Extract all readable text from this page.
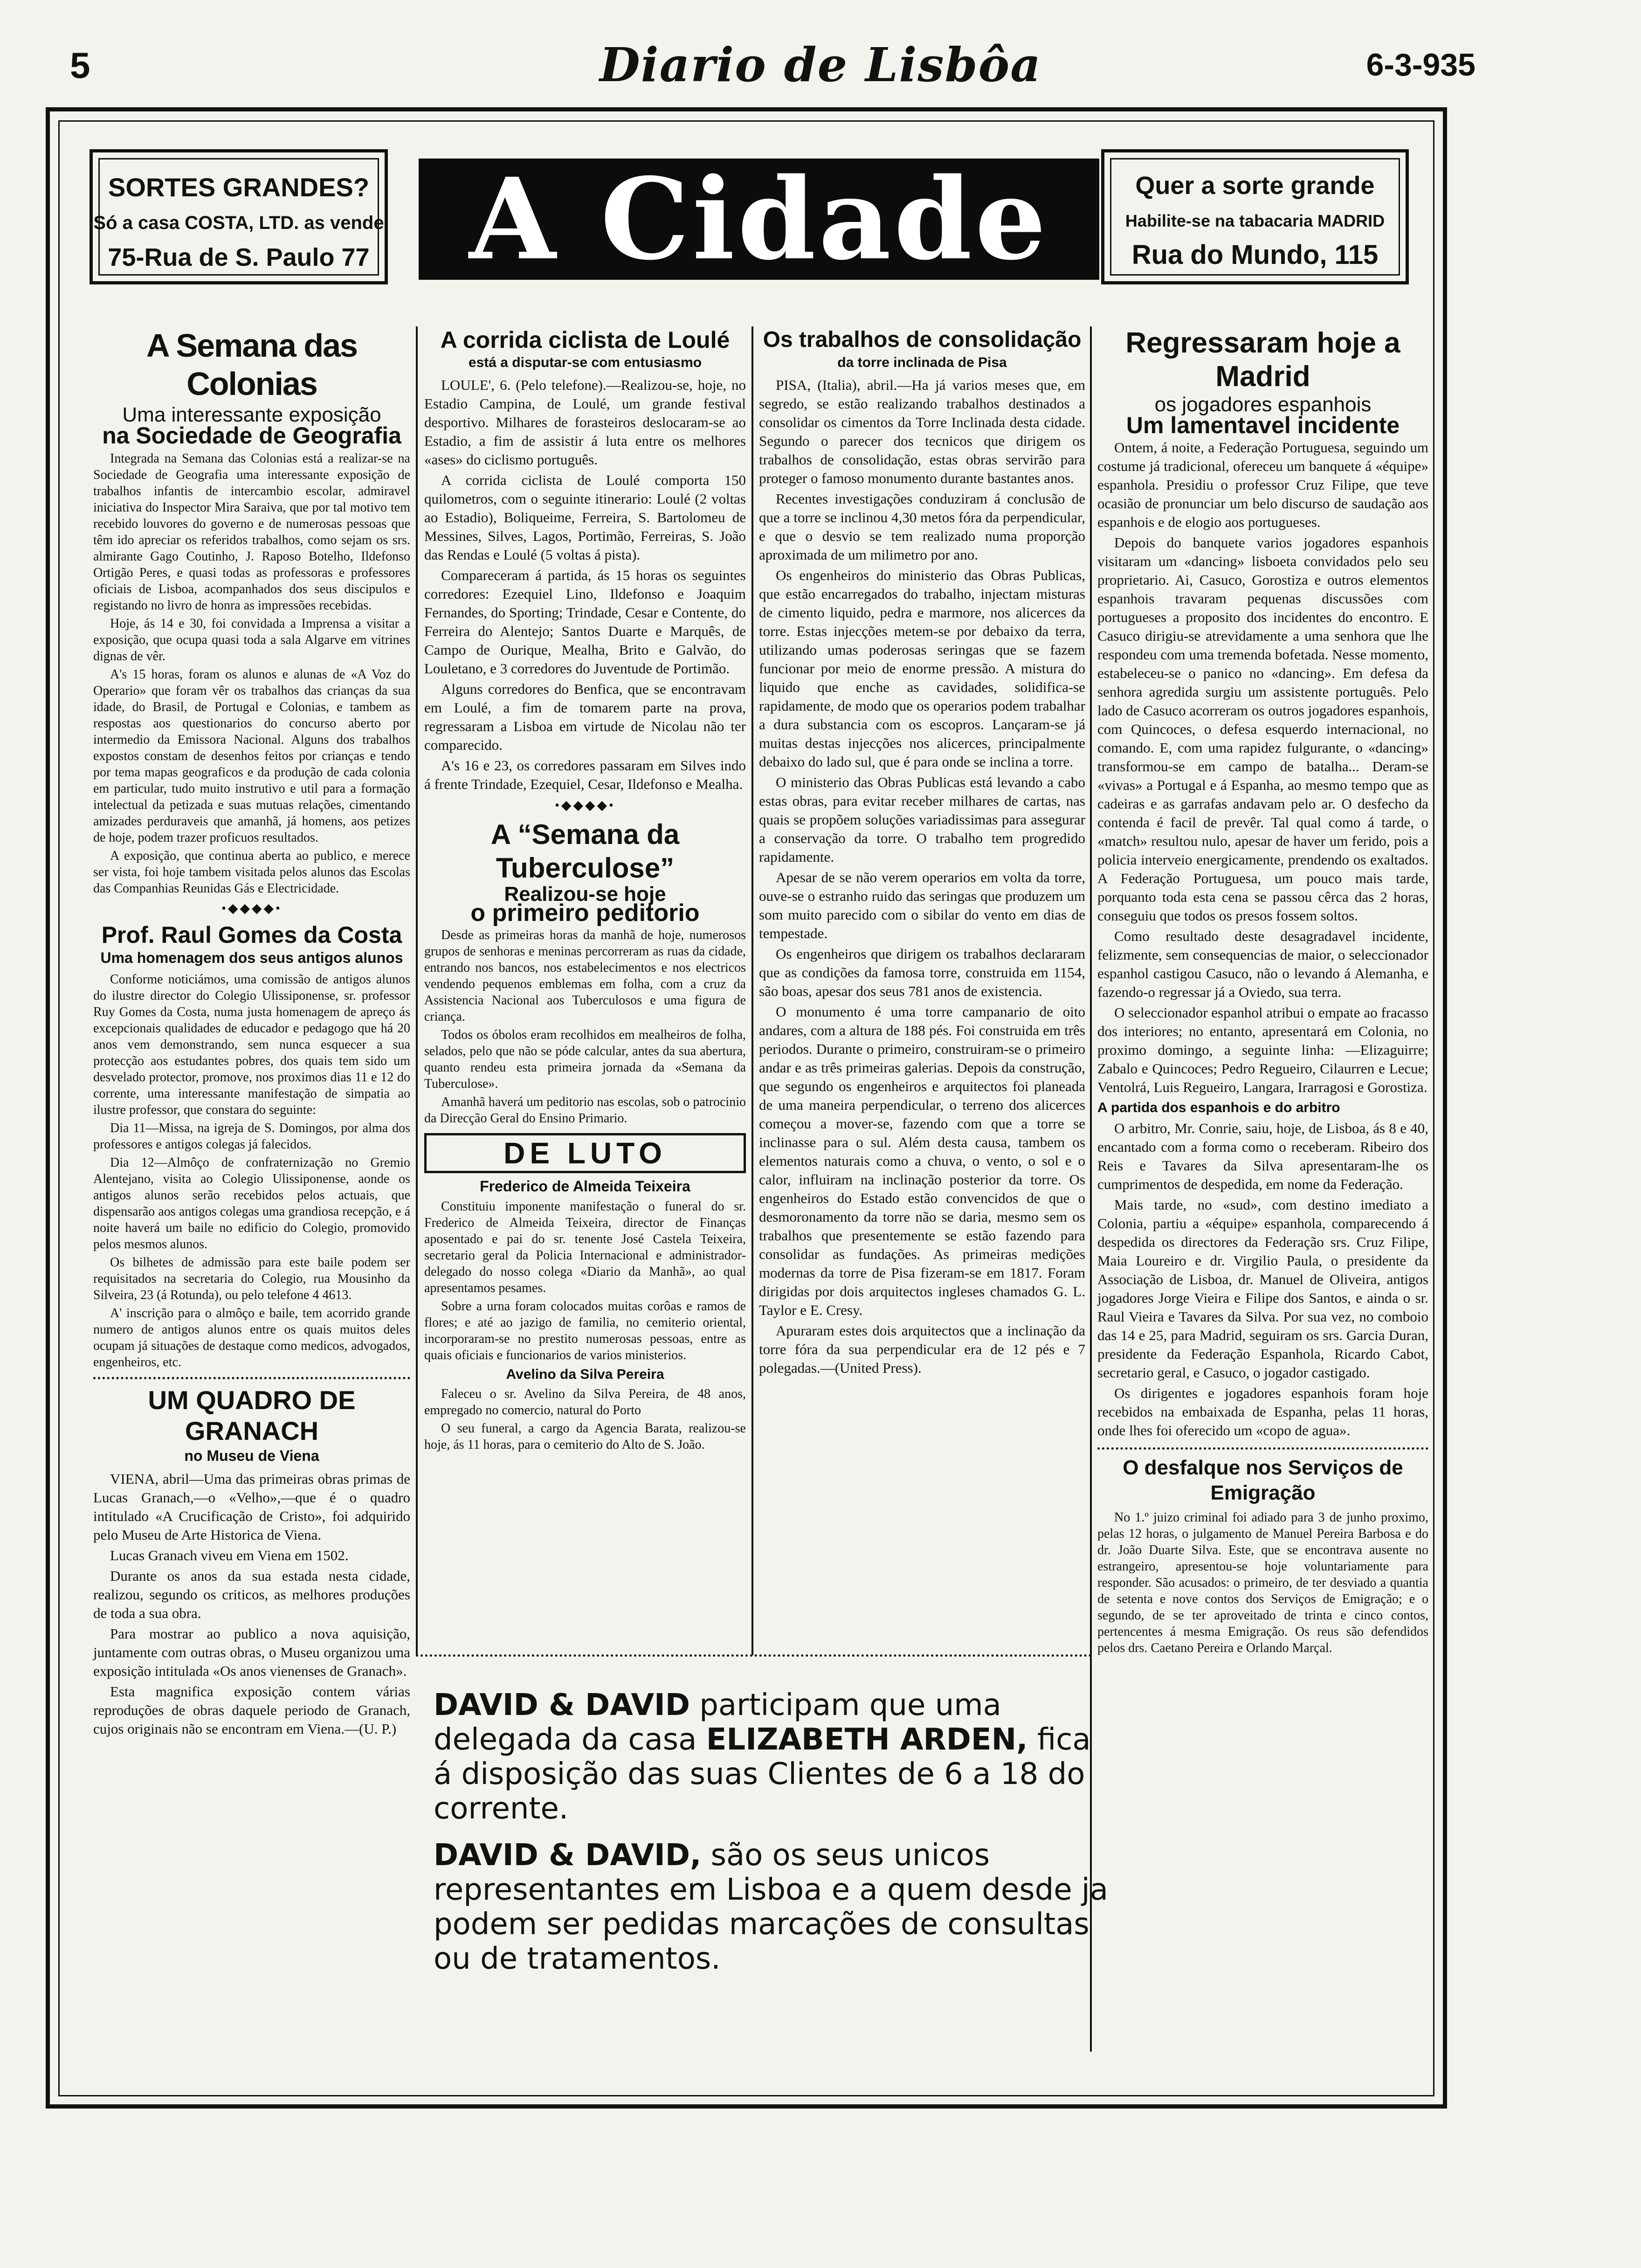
5	Diario de Lisbôa	6-3-935

SORTES GRANDES?

Só a casa COSTA, LTD. as vende

75-Rua de S. Paulo 77 A Cidade	Quer a sorte grande

Habilite-se na tabacaria MADRID

Rua do Mundo, 115

A Semana das Colonias
Uma interessante exposição
na Sociedade de Geografia

Integrada na Semana das Colonias está a realizar-se na Sociedade de Geografia uma interessante exposição de trabalhos infantis de intercambio escolar, admiravel iniciativa do Inspector Mira Saraiva, que por tal motivo tem recebido louvores do governo e de numerosas pessoas que têm ido apreciar os referidos trabalhos, como sejam os srs. almirante Gago Coutinho, J. Raposo Botelho, Ildefonso Ortigão Peres, e quasi todas as professoras e professores oficiais de Lisboa, acompanhados dos seus discipulos e registando no livro de honra as impressões recebidas.

Hoje, ás 14 e 30, foi convidada a Imprensa a visitar a exposição, que ocupa quasi toda a sala Algarve em vitrines dignas de vêr.

A's 15 horas, foram os alunos e alunas de «A Voz do Operario» que foram vêr os trabalhos das crianças da sua idade, do Brasil, de Portugal e Colonias, e tambem as respostas aos questionarios do concurso aberto por intermedio da Emissora Nacional. Alguns dos trabalhos expostos constam de desenhos feitos por crianças e tendo por tema mapas geograficos e da produção de cada colonia em particular, tudo muito instrutivo e util para a formação intelectual da petizada e suas mutuas relações, cimentando amizades perduraveis que amanhã, já homens, aos petizes de hoje, podem trazer proficuos resultados.

A exposição, que continua aberta ao publico, e merece ser vista, foi hoje tambem visitada pelos alunos das Escolas das Companhias Reunidas Gás e Electricidade.

•◆◆◆◆•
Prof. Raul Gomes da Costa
Uma homenagem dos seus antigos alunos

Conforme noticiámos, uma comissão de antigos alunos do ilustre director do Colegio Ulissiponense, sr. professor Ruy Gomes da Costa, numa justa homenagem de apreço ás excepcionais qualidades de educador e pedagogo que há 20 anos vem demonstrando, sem nunca esquecer a sua protecção aos estudantes pobres, dos quais tem sido um desvelado protector, promove, nos proximos dias 11 e 12 do corrente, uma interessante manifestação de simpatia ao ilustre professor, que constara do seguinte:

Dia 11—Missa, na igreja de S. Domingos, por alma dos professores e antigos colegas já falecidos.

Dia 12—Almôço de confraternização no Gremio Alentejano, visita ao Colegio Ulissiponense, aonde os antigos alunos serão recebidos pelos actuais, que dispensarão aos antigos colegas uma grandiosa recepção, e á noite haverá um baile no edificio do Colegio, promovido pelos mesmos alunos.

Os bilhetes de admissão para este baile podem ser requisitados na secretaria do Colegio, rua Mousinho da Silveira, 23 (á Rotunda), ou pelo telefone 4 4613.

A' inscrição para o almôço e baile, tem acorrido grande numero de antigos alunos entre os quais muitos deles ocupam já situações de destaque como medicos, advogados, engenheiros, etc.

UM QUADRO DE GRANACH
no Museu de Viena

VIENA, abril—Uma das primeiras obras primas de Lucas Granach,—o «Velho»,—que é o quadro intitulado «A Crucificação de Cristo», foi adquirido pelo Museu de Arte Historica de Viena.

Lucas Granach viveu em Viena em 1502.

Durante os anos da sua estada nesta cidade, realizou, segundo os criticos, as melhores produções de toda a sua obra.

Para mostrar ao publico a nova aquisição, juntamente com outras obras, o Museu organizou uma exposição intitulada «Os anos vienenses de Granach».

Esta magnifica exposição contem várias reproduções de obras daquele periodo de Granach, cujos originais não se encontram em Viena.—(U. P.)

A corrida ciclista de Loulé
está a disputar-se com entusiasmo

LOULE', 6. (Pelo telefone).—Realizou-se, hoje, no Estadio Campina, de Loulé, um grande festival desportivo. Milhares de forasteiros deslocaram-se ao Estadio, a fim de assistir á luta entre os melhores «ases» do ciclismo português.

A corrida ciclista de Loulé comporta 150 quilometros, com o seguinte itinerario: Loulé (2 voltas ao Estadio), Boliqueime, Ferreira, S. Bartolomeu de Messines, Silves, Lagos, Portimão, Ferreiras, S. João das Rendas e Loulé (5 voltas á pista).

Compareceram á partida, ás 15 horas os seguintes corredores: Ezequiel Lino, Ildefonso e Joaquim Fernandes, do Sporting; Trindade, Cesar e Contente, do Ferreira do Alentejo; Santos Duarte e Marquês, de Campo de Ourique, Mealha, Brito e Galvão, do Louletano, e 3 corredores do Juventude de Portimão.

Alguns corredores do Benfica, que se encontravam em Loulé, a fim de tomarem parte na prova, regressaram a Lisboa em virtude de Nicolau não ter comparecido.

A's 16 e 23, os corredores passaram em Silves indo á frente Trindade, Ezequiel, Cesar, Ildefonso e Mealha.

•◆◆◆◆•
A “Semana da Tuberculose”
Realizou-se hoje
o primeiro peditorio

Desde as primeiras horas da manhã de hoje, numerosos grupos de senhoras e meninas percorreram as ruas da cidade, entrando nos bancos, nos estabelecimentos e nos electricos vendendo pequenos emblemas em folha, com a cruz da Assistencia Nacional aos Tuberculosos e uma figura de criança.

Todos os óbolos eram recolhidos em mealheiros de folha, selados, pelo que não se póde calcular, antes da sua abertura, quanto rendeu esta primeira jornada da «Semana da Tuberculose».

Amanhã haverá um peditorio nas escolas, sob o patrocinio da Direcção Geral do Ensino Primario.

DE LUTO
Frederico de Almeida Teixeira

Constituiu imponente manifestação o funeral do sr. Frederico de Almeida Teixeira, director de Finanças aposentado e pai do sr. tenente José Castela Teixeira, secretario geral da Policia Internacional e administrador-delegado do nosso colega «Diario da Manhã», ao qual apresentamos pesames.

Sobre a urna foram colocados muitas corôas e ramos de flores; e até ao jazigo de familia, no cemiterio oriental, incorporaram-se no prestito numerosas pessoas, entre as quais oficiais e funcionarios de varios ministerios.

Avelino da Silva Pereira

Faleceu o sr. Avelino da Silva Pereira, de 48 anos, empregado no comercio, natural do Porto

O seu funeral, a cargo da Agencia Barata, realizou-se hoje, ás 11 horas, para o cemiterio do Alto de S. João.

Os trabalhos de consolidação
da torre inclinada de Pisa

PISA, (Italia), abril.—Ha já varios meses que, em segredo, se estão realizando trabalhos destinados a consolidar os cimentos da Torre Inclinada desta cidade. Segundo o parecer dos tecnicos que dirigem os trabalhos de consolidação, estas obras servirão para proteger o famoso monumento durante bastantes anos.

Recentes investigações conduziram á conclusão de que a torre se inclinou 4,30 metos fóra da perpendicular, e que o desvio se tem realizado numa proporção aproximada de um milimetro por ano.

Os engenheiros do ministerio das Obras Publicas, que estão encarregados do trabalho, injectam misturas de cimento liquido, pedra e marmore, nos alicerces da torre. Estas injecções metem-se por debaixo da terra, utilizando umas poderosas seringas que se fazem funcionar por meio de enorme pressão. A mistura do liquido que enche as cavidades, solidifica-se rapidamente, de modo que os operarios podem trabalhar a dura substancia com os escopros. Lançaram-se já muitas destas injecções nos alicerces, principalmente debaixo do lado sul, que é para onde se inclina a torre.

O ministerio das Obras Publicas está levando a cabo estas obras, para evitar receber milhares de cartas, nas quais se propõem soluções variadissimas para assegurar a conservação da torre. O trabalho tem progredido rapidamente.

Apesar de se não verem operarios em volta da torre, ouve-se o estranho ruido das seringas que produzem um som muito parecido com o sibilar do vento em dias de tempestade.

Os engenheiros que dirigem os trabalhos declararam que as condições da famosa torre, construida em 1154, são boas, apesar dos seus 781 anos de existencia.

O monumento é uma torre campanario de oito andares, com a altura de 188 pés. Foi construida em três periodos. Durante o primeiro, construiram-se o primeiro andar e as três primeiras galerias. Depois da construção, que segundo os engenheiros e arquitectos foi planeada de uma maneira perpendicular, o terreno dos alicerces começou a mover-se, fazendo com que a torre se inclinasse para o sul. Além desta causa, tambem os elementos naturais como a chuva, o vento, o sol e o calor, influiram na inclinação posterior da torre. Os engenheiros do Estado estão convencidos de que o desmoronamento da torre não se daria, mesmo sem os trabalhos que presentemente se estão fazendo para consolidar as fundações. As primeiras medições modernas da torre de Pisa fizeram-se em 1817. Foram dirigidas por dois arquitectos ingleses chamados G. L. Taylor e E. Cresy.

Apuraram estes dois arquitectos que a inclinação da torre fóra da sua perpendicular era de 12 pés e 7 polegadas.—(United Press).

Regressaram hoje a Madrid
os jogadores espanhois
Um lamentavel incidente

Ontem, á noite, a Federação Portuguesa, seguindo um costume já tradicional, ofereceu um banquete á «équipe» espanhola. Presidiu o professor Cruz Filipe, que teve ocasião de pronunciar um belo discurso de saudação aos espanhois e de elogio aos portugueses.

Depois do banquete varios jogadores espanhois visitaram um «dancing» lisboeta convidados pelo seu proprietario. Ai, Casuco, Gorostiza e outros elementos espanhois travaram pequenas discussões com portugueses a proposito dos incidentes do encontro. E Casuco dirigiu-se atrevidamente a uma senhora que lhe respondeu com uma tremenda bofetada. Nesse momento, estabeleceu-se o panico no «dancing». Em defesa da senhora agredida surgiu um assistente português. Pelo lado de Casuco acorreram os outros jogadores espanhois, com Quincoces, o defesa esquerdo internacional, no comando. E, com uma rapidez fulgurante, o «dancing» transformou-se em campo de batalha... Deram-se «vivas» a Portugal e á Espanha, ao mesmo tempo que as cadeiras e as garrafas andavam pelo ar. O desfecho da contenda é facil de prevêr. Tal qual como á tarde, o «match» resultou nulo, apesar de haver um ferido, pois a policia interveio energicamente, prendendo os exaltados. A Federação Portuguesa, um pouco mais tarde, porquanto toda esta cena se passou cêrca das 2 horas, conseguiu que todos os presos fossem soltos.

Como resultado deste desagradavel incidente, felizmente, sem consequencias de maior, o seleccionador espanhol castigou Casuco, não o levando á Alemanha, e fazendo-o regressar já a Oviedo, sua terra.

O seleccionador espanhol atribui o empate ao fracasso dos interiores; no entanto, apresentará em Colonia, no proximo domingo, a seguinte linha: —Elizaguirre; Zabalo e Quincoces; Pedro Regueiro, Cilaurren e Lecue; Ventolrá, Luis Regueiro, Langara, Irarragosi e Gorostiza.

A partida dos espanhois e do arbitro

O arbitro, Mr. Conrie, saiu, hoje, de Lisboa, ás 8 e 40, encantado com a forma como o receberam. Ribeiro dos Reis e Tavares da Silva apresentaram-lhe os cumprimentos de despedida, em nome da Federação.

Mais tarde, no «sud», com destino imediato a Colonia, partiu a «équipe» espanhola, comparecendo á despedida os directores da Federação srs. Cruz Filipe, Maia Loureiro e dr. Virgilio Paula, o presidente da Associação de Lisboa, dr. Manuel de Oliveira, antigos jogadores Jorge Vieira e Filipe dos Santos, e ainda o sr. Raul Vieira e Tavares da Silva. Por sua vez, no comboio das 14 e 25, para Madrid, seguiram os srs. Garcia Duran, presidente da Federação Espanhola, Ricardo Cabot, secretario geral, e Casuco, o jogador castigado.

Os dirigentes e jogadores espanhois foram hoje recebidos na embaixada de Espanha, pelas 11 horas, onde lhes foi oferecido um «copo de agua».

O desfalque nos Serviços de Emigração

No 1.º juizo criminal foi adiado para 3 de junho proximo, pelas 12 horas, o julgamento de Manuel Pereira Barbosa e do dr. João Duarte Silva. Este, que se encontrava ausente no estrangeiro, apresentou-se hoje voluntariamente para responder. São acusados: o primeiro, de ter desviado a quantia de setenta e nove contos dos Serviços de Emigração; e o segundo, de se ter aproveitado de trinta e cinco contos, pertencentes á mesma Emigração. Os reus são defendidos pelos drs. Caetano Pereira e Orlando Marçal.

DAVID & DAVID participam que uma delegada da casa ELIZABETH ARDEN, fica á disposição das suas Clientes de 6 a 18 do corrente.

DAVID & DAVID, são os seus unicos representantes em Lisboa e a quem desde ja podem ser pedidas marcações de consultas ou de tratamentos.
